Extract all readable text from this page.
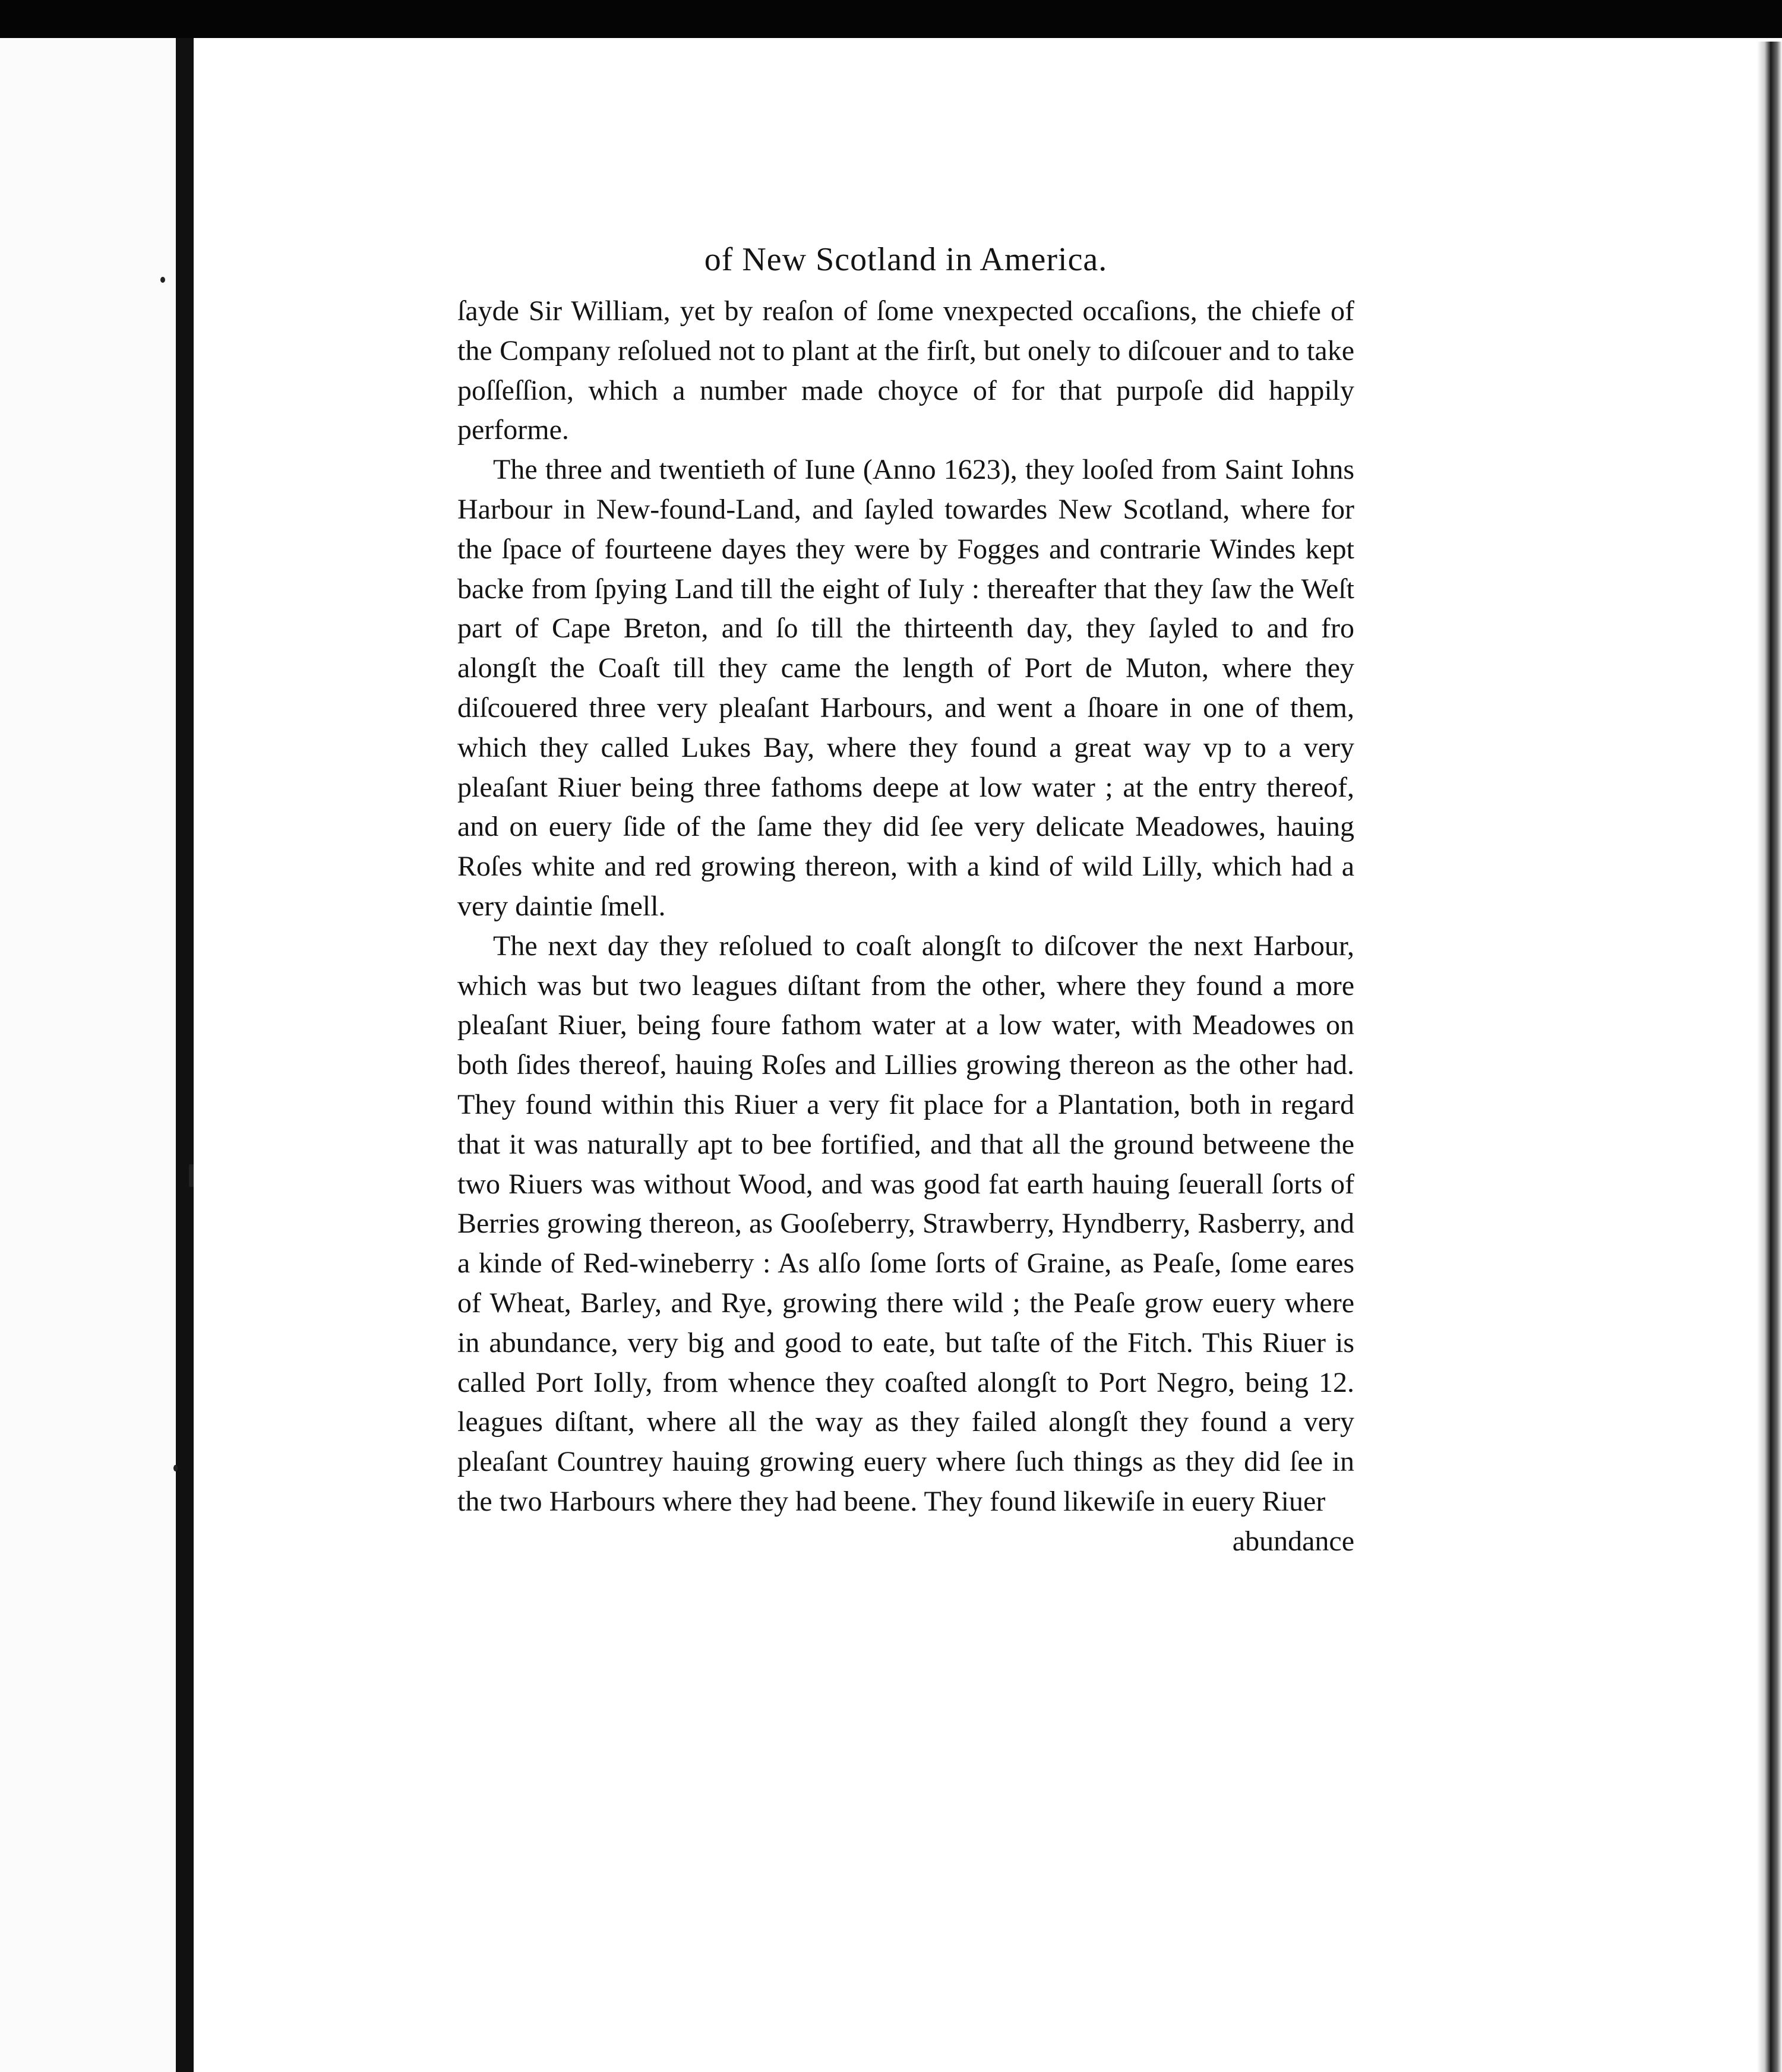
of New Scotland in America.

ſayde Sir William, yet by reaſon of ſome vnexpected occaſions, the chiefe of the Company reſolued not to plant at the firſt, but onely to diſcouer and to take poſſeſſion, which a number made choyce of for that purpoſe did happily performe.

The three and twentieth of Iune (Anno 1623), they looſed from Saint Iohns Harbour in New-found-Land, and ſayled towardes New Scotland, where for the ſpace of fourteene dayes they were by Fogges and contrarie Windes kept backe from ſpying Land till the eight of Iuly : thereafter that they ſaw the Weſt part of Cape Breton, and ſo till the thirteenth day, they ſayled to and fro alongſt the Coaſt till they came the length of Port de Muton, where they diſcouered three very pleaſant Harbours, and went a ſhoare in one of them, which they called Lukes Bay, where they found a great way vp to a very pleaſant Riuer being three fathoms deepe at low water ; at the entry thereof, and on euery ſide of the ſame they did ſee very delicate Meadowes, hauing Roſes white and red growing thereon, with a kind of wild Lilly, which had a very daintie ſmell.

The next day they reſolued to coaſt alongſt to diſcover the next Harbour, which was but two leagues diſtant from the other, where they found a more pleaſant Riuer, being foure fathom water at a low water, with Meadowes on both ſides thereof, hauing Roſes and Lillies growing thereon as the other had. They found within this Riuer a very fit place for a Plantation, both in regard that it was naturally apt to bee fortified, and that all the ground betweene the two Riuers was without Wood, and was good fat earth hauing ſeuerall ſorts of Berries growing thereon, as Gooſeberry, Strawberry, Hyndberry, Rasberry, and a kinde of Red-wineberry : As alſo ſome ſorts of Graine, as Peaſe, ſome eares of Wheat, Barley, and Rye, growing there wild ; the Peaſe grow euery where in abundance, very big and good to eate, but taſte of the Fitch. This Riuer is called Port Iolly, from whence they coaſted alongſt to Port Negro, being 12. leagues diſtant, where all the way as they failed alongſt they found a very pleaſant Countrey hauing growing euery where ſuch things as they did ſee in the two Harbours where they had beene. They found likewiſe in euery Riuer

abundance
